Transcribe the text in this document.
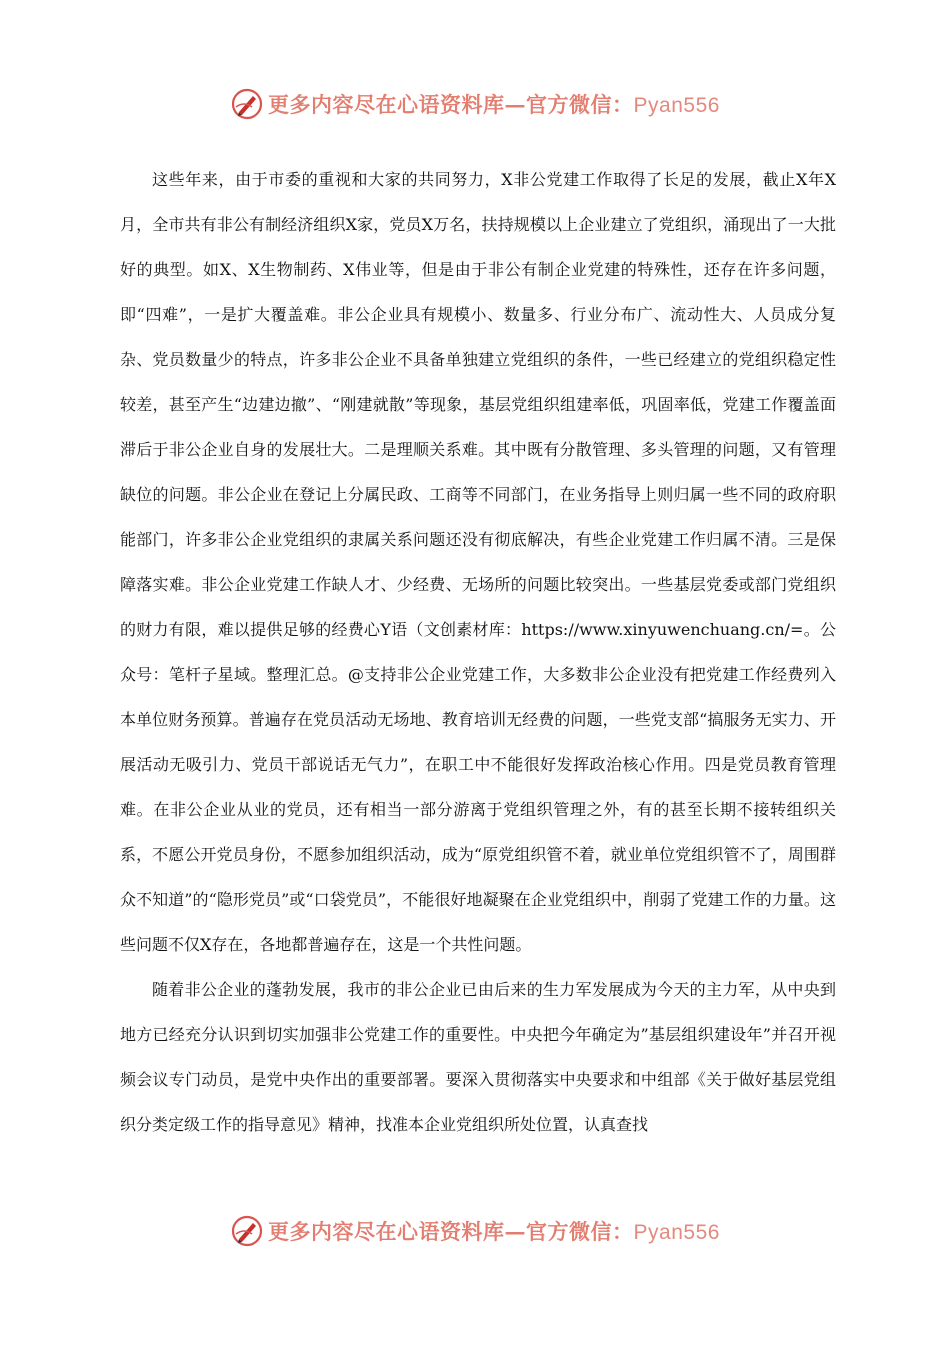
更多内容尽在心语资料库—官方微信：Pyan556

这些年来，由于市委的重视和大家的共同努力，X非公党建工作取得了长足的发展，截止X年X月，全市共有非公有制经济组织X家，党员X万名，扶持规模以上企业建立了党组织，涌现出了一大批好的典型。如X、X生物制药、X伟业等，但是由于非公有制企业党建的特殊性，还存在许多问题，即“四难”，一是扩大覆盖难。非公企业具有规模小、数量多、行业分布广、流动性大、人员成分复杂、党员数量少的特点，许多非公企业不具备单独建立党组织的条件，一些已经建立的党组织稳定性较差，甚至产生“边建边撤”、“刚建就散”等现象，基层党组织组建率低，巩固率低，党建工作覆盖面滞后于非公企业自身的发展壮大。二是理顺关系难。其中既有分散管理、多头管理的问题，又有管理缺位的问题。非公企业在登记上分属民政、工商等不同部门，在业务指导上则归属一些不同的政府职能部门，许多非公企业党组织的隶属关系问题还没有彻底解决，有些企业党建工作归属不清。三是保障落实难。非公企业党建工作缺人才、少经费、无场所的问题比较突出。一些基层党委或部门党组织的财力有限，难以提供足够的经费心Y语（文创素材库：https://www.xinyuwenchuang.cn/=。公众号：笔杆子星域。整理汇总。@支持非公企业党建工作，大多数非公企业没有把党建工作经费列入本单位财务预算。普遍存在党员活动无场地、教育培训无经费的问题，一些党支部“搞服务无实力、开展活动无吸引力、党员干部说话无气力”，在职工中不能很好发挥政治核心作用。四是党员教育管理难。在非公企业从业的党员，还有相当一部分游离于党组织管理之外，有的甚至长期不接转组织关系，不愿公开党员身份，不愿参加组织活动，成为“原党组织管不着，就业单位党组织管不了，周围群众不知道”的“隐形党员”或“口袋党员”，不能很好地凝聚在企业党组织中，削弱了党建工作的力量。这些问题不仅X存在，各地都普遍存在，这是一个共性问题。

随着非公企业的蓬勃发展，我市的非公企业已由后来的生力军发展成为今天的主力军，从中央到地方已经充分认识到切实加强非公党建工作的重要性。中央把今年确定为”基层组织建设年”并召开视频会议专门动员，是党中央作出的重要部署。要深入贯彻落实中央要求和中组部《关于做好基层党组织分类定级工作的指导意见》精神，找准本企业党组织所处位置，认真查找

更多内容尽在心语资料库—官方微信：Pyan556
